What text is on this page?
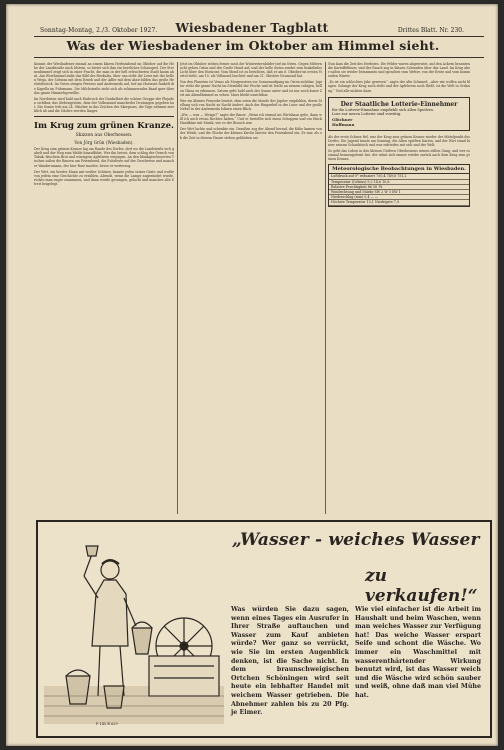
Sonntag-Montag, 2./3. Oktober 1927.	Wiesbadener Tagblatt	Drittes Blatt. Nr. 230.
Was der Wiesbadener im Oktober am Himmel sieht.

Kommt der Wiesbadener einmal an einem klaren Herbstabend im Oktober auf die Höhe der Landstraße nach Idstein, so bietet sich ihm ein herrliches Schauspiel. Der Sternenhimmel zeigt sich in einer Pracht, die man in der hell erleuchteten Stadt kaum ahnt. Am Westhimmel sinkt das Bild des Herkules, über uns steht die Leier mit der hellen Wega, der Schwan mit dem Deneb und der Adler mit dem Atair bilden das große Herbstdreieck. Im Osten steigen Perseus und Andromeda auf, tief am Horizont funkelt die Kapella im Fuhrmann. Die Milchstraße zieht sich als schimmerndes Band quer über das ganze Himmelsgewölbe.

Im Nordosten wird bald nach Einbruch der Dunkelheit die schöne Gruppe der Plejaden sichtbar, das Siebengestirn, dem der Volksmund mancherlei Deutungen gegeben hat. Die Sonne tritt am 24. Oktober in das Zeichen des Skorpions, die Tage nehmen merklich ab und die Nächte werden länger.

Im Krug zum grünen Kranze.
Skizzen aus Oberhessen.
Von Jörg Grün (Wiesbaden).

Der Krug zum grünen Kranze lag am Rande des Dorfes, dort wo die Landstraße sich gabelt und der Weg zum Walde hinaufführt. Wer ihn betrat, dem schlug der Geruch von Tabak, frischem Brot und würzigem Apfelwein entgegen. An den blankgescheuerten Tischen saßen die Bauern am Feierabend, die Fuhrleute auf der Durchreise und mancher Wandersmann, der hier Rast machte, bevor er weiterzog.

Der Wirt, ein breiter Mann mit weißer Schürze, kannte jeden seiner Gäste und wußte von jedem eine Geschichte zu erzählen. Abends, wenn die Lampe angezündet wurde, rückte man enger zusammen, und dann wurde gesungen, gelacht und mancher alte Streit beigelegt.

Jetzt im Oktober stehen ferner noch die Wintersternbilder tief im Osten. Gegen Mitternacht gehen Orion und der Große Hund auf, und der helle Sirius sendet sein funkelndes Licht über den Horizont. Vom Mond ist zu berichten, daß er am 6. Oktober im ersten Viertel steht, am 10. als Vollmond leuchtet und am 21. Oktober Neumond hat.

Von den Planeten ist Venus als Morgenstern vor Sonnenaufgang im Osten sichtbar. Jupiter steht die ganze Nacht im Sternbild der Fische und ist leicht an seinem ruhigen, hellen Glanz zu erkennen. Saturn geht bald nach der Sonne unter und ist nur noch kurze Zeit am Abendhimmel zu sehen. Mars bleibt unsichtbar.

Wer ein kleines Fernrohr besitzt, dem seien die Monde des Jupiter empfohlen, deren Stellung sich von Nacht zu Nacht ändert. Auch der Ringnebel in der Leier und der große Nebel in der Andromeda lohnen einen Blick.

„Wie — was — Wenge?“ sagte der Bauer. „Wenn ich einmal ins Wirtshaus gehe, dann will ich auch etwas Rechtes haben.“ Und er bestellte sich einen Schoppen und ein Stück Handkäse mit Musik, wie es der Brauch war.

Der Wirt lachte und schenkte ein. Draußen zog der Abend herauf, die Kühe kamen von der Weide, und die Glocke der kleinen Kirche läutete den Feierabend ein. Es war, als ob die Zeit in diesem Hause stehen geblieben sei.

Nun kam die Zeit des Herbstes. Die Felder waren abgeerntet, auf den Äckern brannten die Kartoffelfeuer, und der Rauch zog in blauen Schwaden über das Land. Im Krug aber saßen sie wieder beisammen und sprachen vom Wetter, von der Ernte und vom kommenden Winter.

„Es ist ein schlechtes Jahr gewesen“, sagte der alte Schmied, „aber wir wollen nicht klagen. Solange der Krug noch steht und der Apfelwein noch fließt, ist die Welt in Ordnung.“ Und alle nickten dazu.

Der Staatliche Lotterie-Einnehmer
für die Lotterie-Einnahme empfiehlt sich allen Spielern.
Lose zur neuen Lotterie sind vorrätig.
Glöckner
Hoffmann

Als der erste Schnee fiel, war der Krug zum grünen Kranze wieder der Mittelpunkt des Dorfes. Die Jugend tanzte am Sonntag, die Alten spielten Karten, und der Wirt stand hinter seinem Schanktisch und war zufrieden mit sich und der Welt.

So geht das Leben in den kleinen Dörfern Oberhessens seinen stillen Gang, und wer es einmal kennengelernt hat, der sehnt sich immer wieder zurück nach dem Krug zum grünen Kranze.

Meteorologische Beobachtungen in Wiesbaden.
Luftdruck auf 0° reduziert 750,4 749,8 751,2
Temperatur (Celsius) 9,2 14,6 10,8
Relative Feuchtigkeit 86 58 78
Windrichtung und Stärke SW 2 W 3 SW 1
Niederschlag (mm) 0,4 — —
Höchste Temperatur 15,1 Niedrigste 7,9
„Wasser - weiches Wasser
zu verkaufen!“
Was würden Sie dazu sagen, wenn eines Tages ein Ausrufer in Ihrer Straße auftauchen und Wasser zum Kauf anbieten würde? Wer ganz so verrückt, wie Sie im ersten Augenblick denken, ist die Sache nicht. In dem braunschweigischen Ortchen Schöningen wird seit heute ein lebhafter Handel mit weichem Wasser getrieben. Die Abnehmer zahlen bis zu 20 Pfg. je Eimer.
Wie viel einfacher ist die Arbeit im Haushalt und beim Waschen, wenn man weiches Wasser zur Verfügung hat! Das weiche Wasser erspart Seife und schont die Wäsche. Wo immer ein Waschmittel mit wasserenthärtender Wirkung benutzt wird, ist das Wasser weich und die Wäsche wird schön sauber und weiß, ohne daß man viel Mühe hat.
P 145 B 629
